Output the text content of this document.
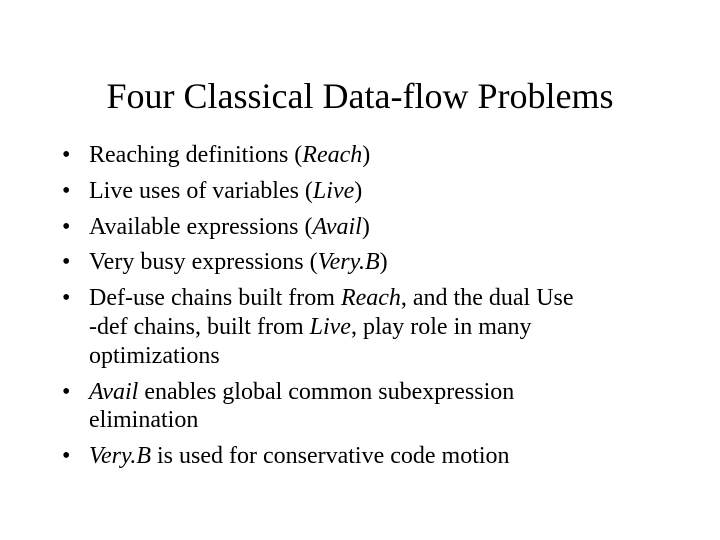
Four Classical Data-flow Problems
• Reaching definitions (Reach)
• Live uses of variables (Live)
• Available expressions (Avail)
• Very busy expressions (Very.B)
• Def-use chains built from Reach, and the dual Use
-def chains, built from Live, play role in many
optimizations
• Avail enables global common subexpression
elimination
• Very.B is used for conservative code motion
